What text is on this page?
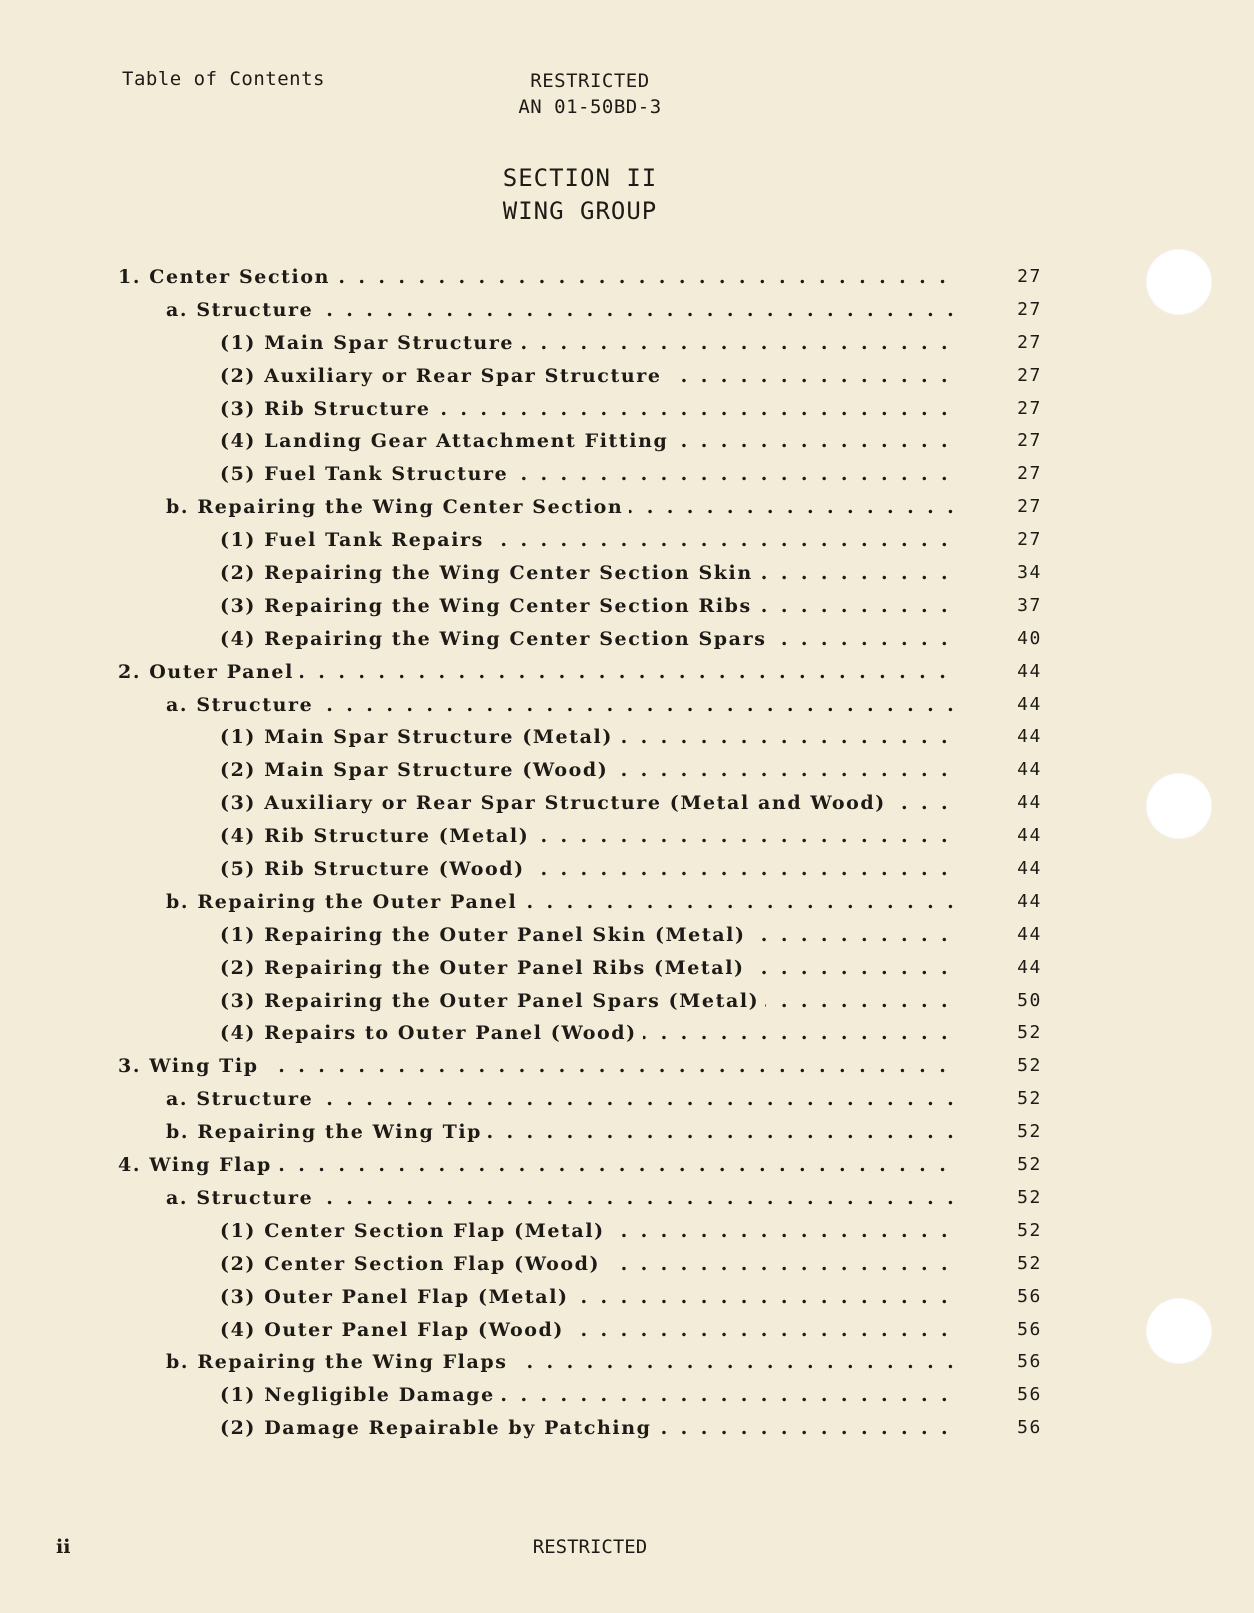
Table of Contents	RESTRICTED
AN 01-50BD-3
SECTION II
WING GROUP
1. Center Section . . .	27
a. Structure . . .	27
(1) Main Spar Structure . . .	27
(2) Auxiliary or Rear Spar Structure . . .	27
(3) Rib Structure . . .	27
(4) Landing Gear Attachment Fitting . . .	27
(5) Fuel Tank Structure . . .	27
b. Repairing the Wing Center Section . . .	27
(1) Fuel Tank Repairs . . .	27
(2) Repairing the Wing Center Section Skin . . .	34
(3) Repairing the Wing Center Section Ribs . . .	37
(4) Repairing the Wing Center Section Spars . . .	40
2. Outer Panel . . .	44
a. Structure . . .	44
(1) Main Spar Structure (Metal) . . .	44
(2) Main Spar Structure (Wood) . . .	44
(3) Auxiliary or Rear Spar Structure (Metal and Wood) . . .	44
(4) Rib Structure (Metal) . . .	44
(5) Rib Structure (Wood) . . .	44
b. Repairing the Outer Panel . . .	44
(1) Repairing the Outer Panel Skin (Metal) . . .	44
(2) Repairing the Outer Panel Ribs (Metal) . . .	44
(3) Repairing the Outer Panel Spars (Metal) . . .	50
(4) Repairs to Outer Panel (Wood) . . .	52
3. Wing Tip . . .	52
a. Structure . . .	52
b. Repairing the Wing Tip . . .	52
4. Wing Flap . . .	52
a. Structure . . .	52
(1) Center Section Flap (Metal) . . .	52
(2) Center Section Flap (Wood) . . .	52
(3) Outer Panel Flap (Metal) . . .	56
(4) Outer Panel Flap (Wood) . . .	56
b. Repairing the Wing Flaps . . .	56
(1) Negligible Damage . . .	56
(2) Damage Repairable by Patching . . .	56
ii	RESTRICTED
